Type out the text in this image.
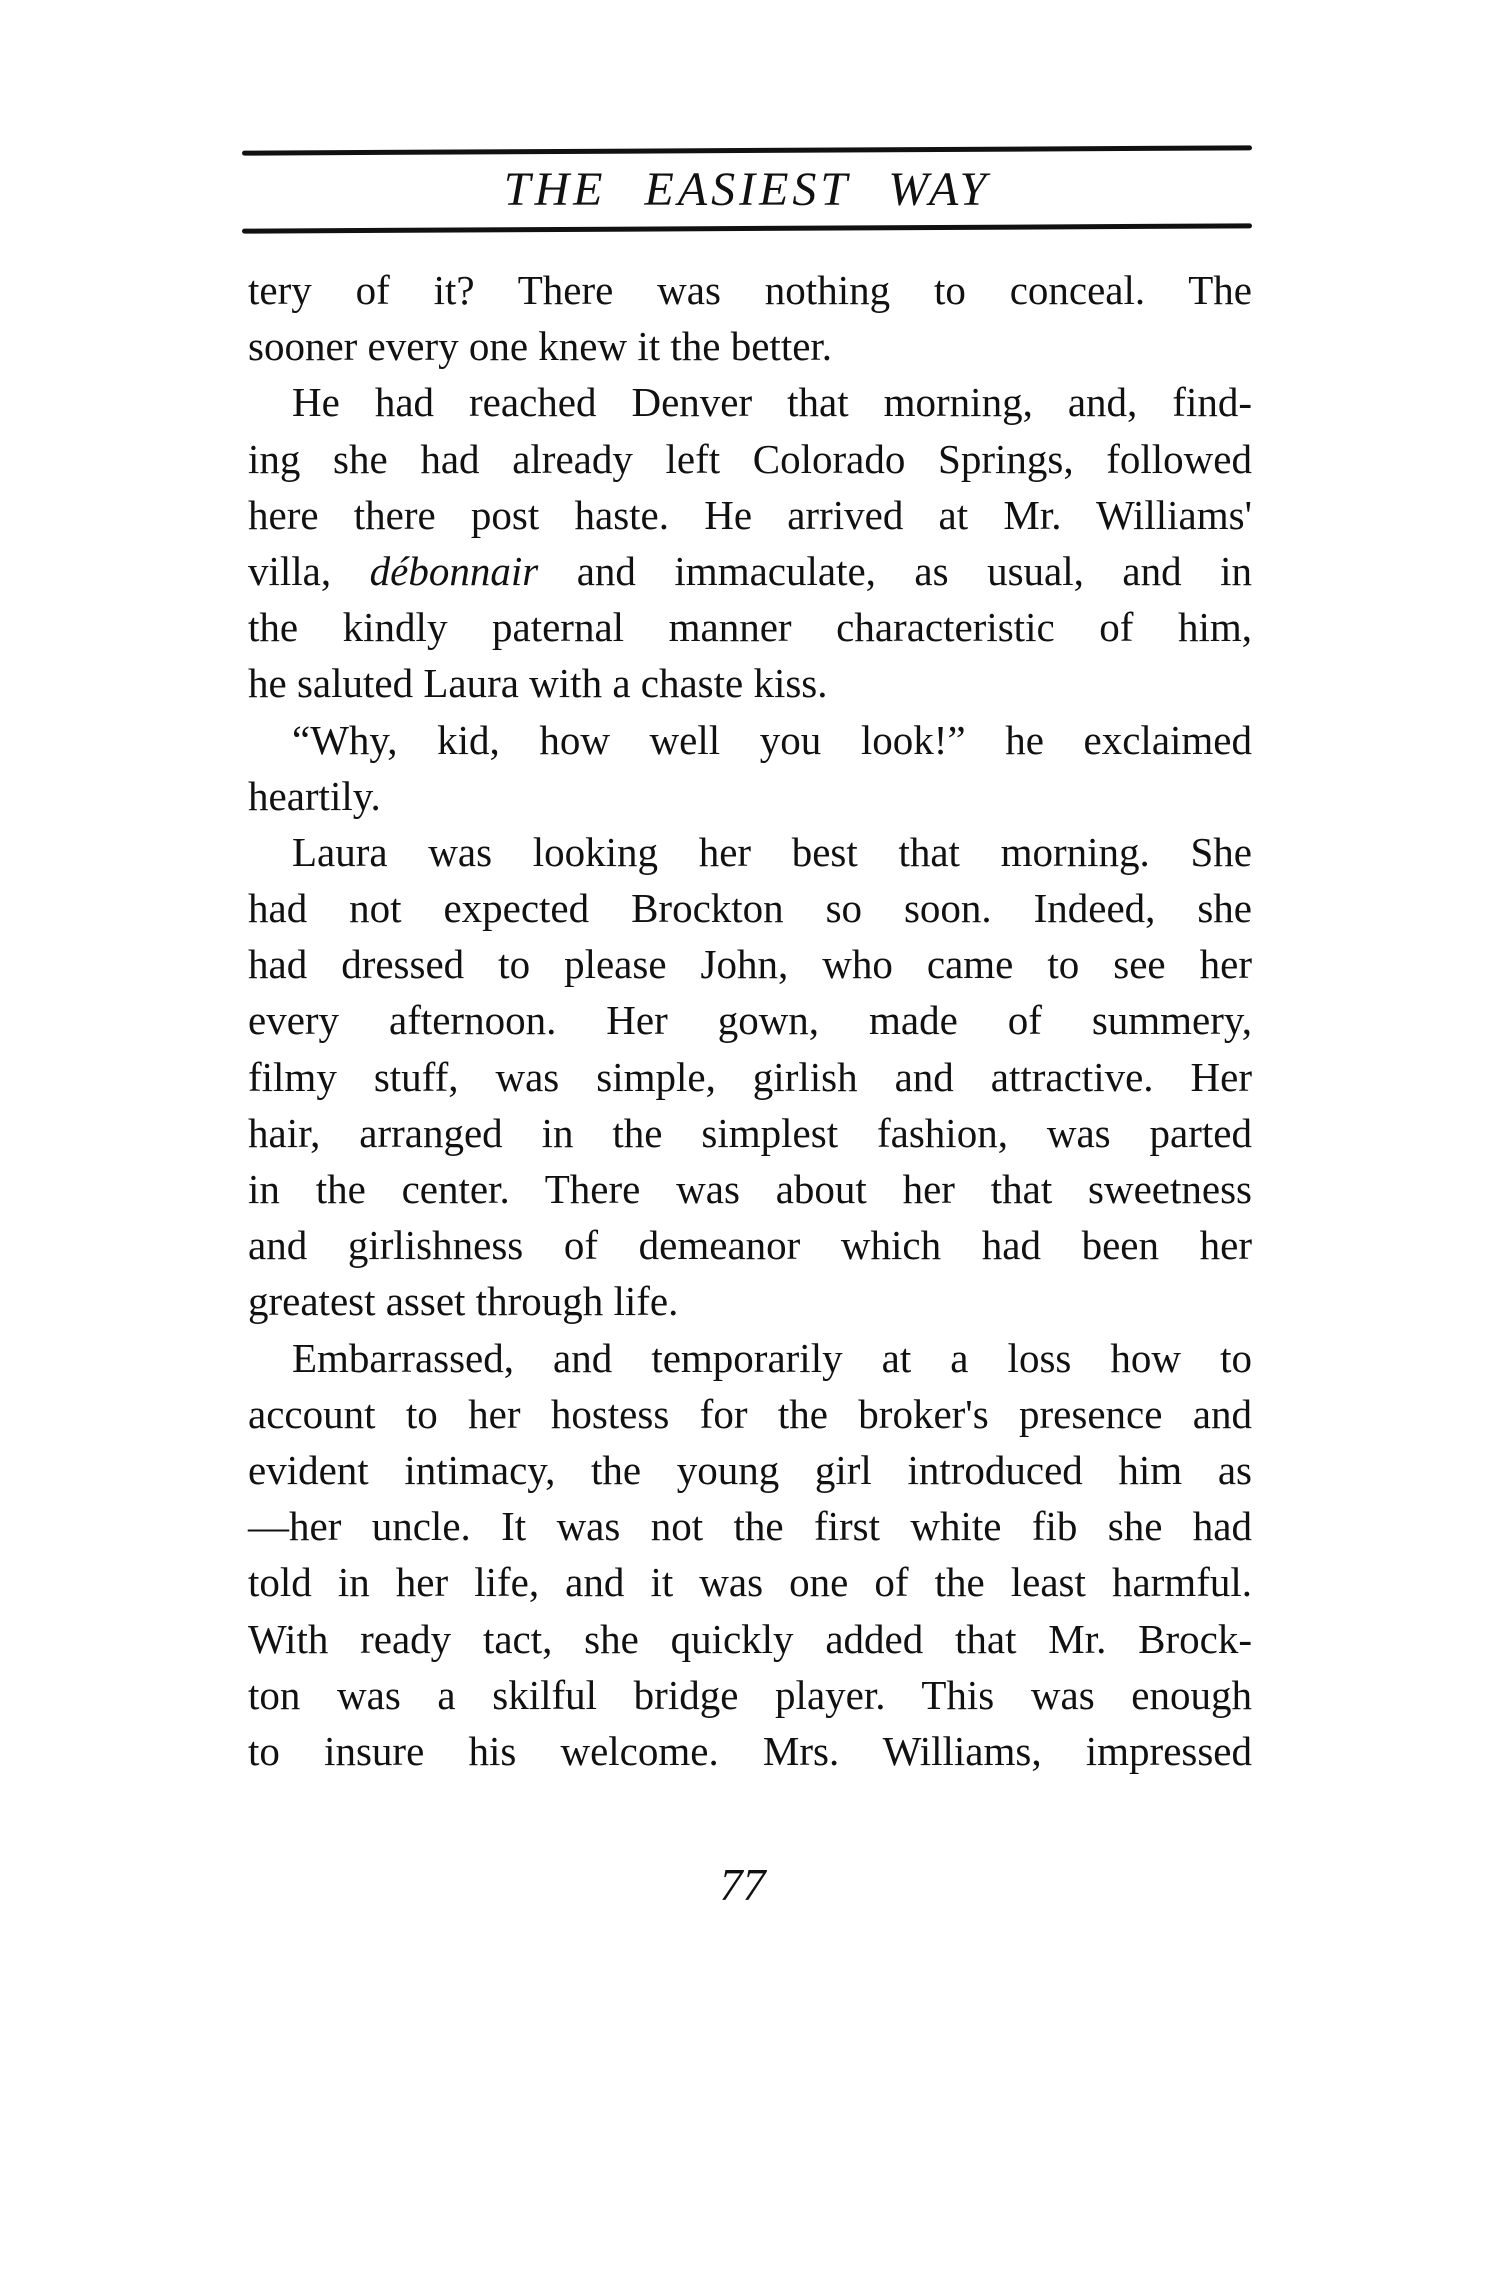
THE EASIEST WAY
tery of it? There was nothing to conceal. The
sooner every one knew it the better.
He had reached Denver that morning, and, find-
ing she had already left Colorado Springs, followed
here there post haste. He arrived at Mr. Williams'
villa, débonnair and immaculate, as usual, and in
the kindly paternal manner characteristic of him,
he saluted Laura with a chaste kiss.
“Why, kid, how well you look!” he exclaimed
heartily.
Laura was looking her best that morning. She
had not expected Brockton so soon. Indeed, she
had dressed to please John, who came to see her
every afternoon. Her gown, made of summery,
filmy stuff, was simple, girlish and attractive. Her
hair, arranged in the simplest fashion, was parted
in the center. There was about her that sweetness
and girlishness of demeanor which had been her
greatest asset through life.
Embarrassed, and temporarily at a loss how to
account to her hostess for the broker's presence and
evident intimacy, the young girl introduced him as
—her uncle. It was not the first white fib she had
told in her life, and it was one of the least harmful.
With ready tact, she quickly added that Mr. Brock-
ton was a skilful bridge player. This was enough
to insure his welcome. Mrs. Williams, impressed
77
